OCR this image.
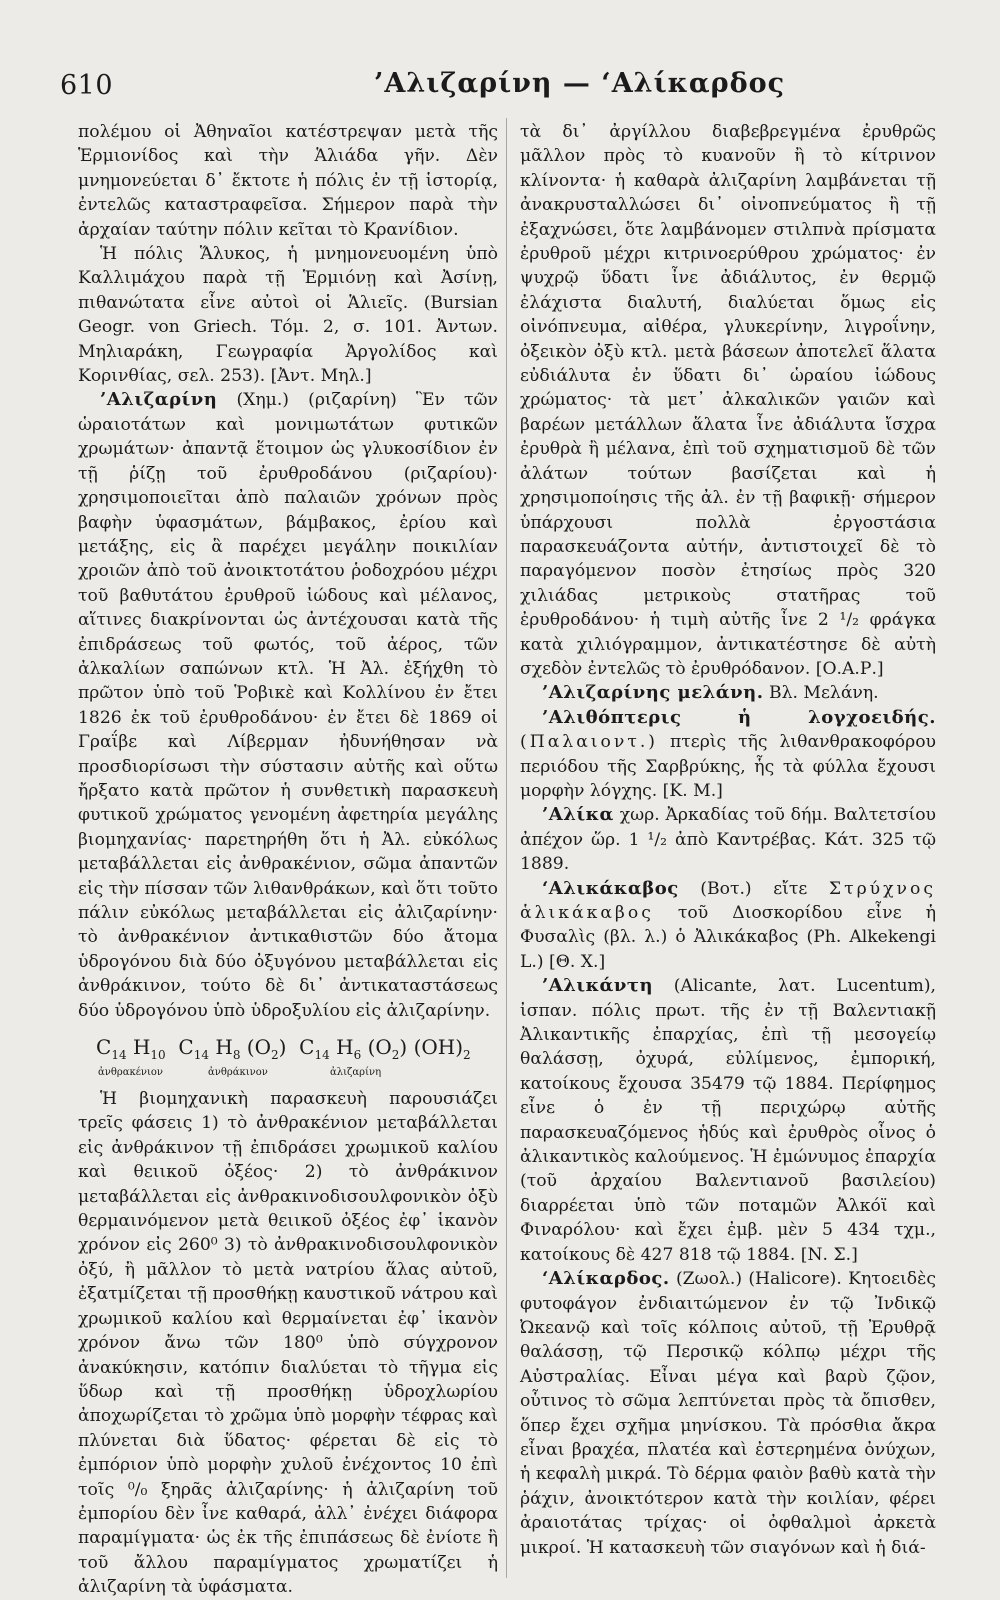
610	’Αλιζαρίνη — ‘Αλίκαρδος

πολέμου οἱ Ἀθηναῖοι κατέστρεψαν μετὰ τῆς Ἑρμιονίδος καὶ τὴν Ἁλιάδα γῆν. Δὲν μνημονεύεται δ᾽ ἔκτοτε ἡ πόλις ἐν τῇ ἱστορίᾳ, ἐντελῶς καταστραφεῖσα. Σήμερον παρὰ τὴν ἀρχαίαν ταύτην πόλιν κεῖται τὸ Κρανίδιον.

Ἡ πόλις Ἅλυκος, ἡ μνημονευομένη ὑπὸ Καλλιμάχου παρὰ τῇ Ἑρμιόνῃ καὶ Ἀσίνῃ, πιθανώτατα εἶνε αὐτοὶ οἱ Ἁλιεῖς. (Bursian Geogr. von Griech. Τόμ. 2, σ. 101. Ἀντων. Μηλιαράκη, Γεωγραφία Ἀργολίδος καὶ Κορινθίας, σελ. 253). [Ἀντ. Μηλ.]

’Αλιζαρίνη (Χημ.) (ριζαρίνη) Ἓν τῶν ὡραιοτάτων καὶ μονιμωτάτων φυτικῶν χρωμάτων· ἀπαντᾷ ἕτοιμον ὡς γλυκοσίδιον ἐν τῇ ῥίζῃ τοῦ ἐρυθροδάνου (ριζαρίου)· χρησιμοποιεῖται ἀπὸ παλαιῶν χρόνων πρὸς βαφὴν ὑφασμάτων, βάμβακος, ἐρίου καὶ μετάξης, εἰς ἃ παρέχει μεγάλην ποικιλίαν χροιῶν ἀπὸ τοῦ ἀνοικτοτάτου ῥοδοχρόου μέχρι τοῦ βαθυτάτου ἐρυθροῦ ἰώδους καὶ μέλανος, αἵτινες διακρίνονται ὡς ἀντέχουσαι κατὰ τῆς ἐπιδράσεως τοῦ φωτός, τοῦ ἀέρος, τῶν ἀλκαλίων σαπώνων κτλ. Ἡ Ἀλ. ἐξήχθη τὸ πρῶτον ὑπὸ τοῦ Ῥοβικὲ καὶ Κολλίνου ἐν ἔτει 1826 ἐκ τοῦ ἐρυθροδάνου· ἐν ἔτει δὲ 1869 οἱ Γραΐβε καὶ Λίβερμαν ἠδυνήθησαν νὰ προσδιορίσωσι τὴν σύστασιν αὐτῆς καὶ οὕτω ἤρξατο κατὰ πρῶτον ἡ συνθετικὴ παρασκευὴ φυτικοῦ χρώματος γενομένη ἀφετηρία μεγάλης βιομηχανίας· παρετηρήθη ὅτι ἡ Ἀλ. εὐκόλως μεταβάλλεται εἰς ἀνθρακένιον, σῶμα ἀπαντῶν εἰς τὴν πίσσαν τῶν λιθανθράκων, καὶ ὅτι τοῦτο πάλιν εὐκόλως μεταβάλλεται εἰς ἀλιζαρίνην· τὸ ἀνθρακένιον ἀντικαθιστῶν δύο ἄτομα ὑδρογόνου διὰ δύο ὀξυγόνου μεταβάλλεται εἰς ἀνθράκινον, τούτο δὲ δι᾽ ἀντικαταστάσεως δύο ὑδρογόνου ὑπὸ ὑδροξυλίου εἰς ἀλιζαρίνην.

$C_{14}$ $H_{10}$  $C_{14}$ $H_8$ $(O_2)$  $C_{14}$ $H_6$ $(O_2)$ $(OH)_2$
ἀνθρακένιον	ἀνθράκινον	ἀλιζαρίνη

Ἡ βιομηχανικὴ παρασκευὴ παρουσιάζει τρεῖς φάσεις 1) τὸ ἀνθρακένιον μεταβάλλεται εἰς ἀνθράκινον τῇ ἐπιδράσει χρωμικοῦ καλίου καὶ θειικοῦ ὀξέος· 2) τὸ ἀνθράκινον μεταβάλλεται εἰς ἀνθρακινοδισουλφονικὸν ὀξὺ θερμαινόμενον μετὰ θειικοῦ ὀξέος ἐφ᾽ ἱκανὸν χρόνον εἰς 260⁰ 3) τὸ ἀνθρακινοδισουλφονικὸν ὀξύ, ἢ μᾶλλον τὸ μετὰ νατρίου ἅλας αὐτοῦ, ἐξατμίζεται τῇ προσθήκῃ καυστικοῦ νάτρου καὶ χρωμικοῦ καλίου καὶ θερμαίνεται ἐφ᾽ ἱκανὸν χρόνον ἄνω τῶν 180⁰ ὑπὸ σύγχρονον ἀνακύκησιν, κατόπιν διαλύεται τὸ τῆγμα εἰς ὕδωρ καὶ τῇ προσθήκῃ ὑδροχλωρίου ἀποχωρίζεται τὸ χρῶμα ὑπὸ μορφὴν τέφρας καὶ πλύνεται διὰ ὕδατος· φέρεται δὲ εἰς τὸ ἐμπόριον ὑπὸ μορφὴν χυλοῦ ἐνέχοντος 10 ἐπὶ τοῖς ⁰/₀ ξηρᾶς ἀλιζαρίνης· ἡ ἀλιζαρίνη τοῦ ἐμπορίου δὲν ἶνε καθαρά, ἀλλ᾽ ἐνέχει διάφορα παραμίγματα· ὡς ἐκ τῆς ἐπιπάσεως δὲ ἐνίοτε ἢ τοῦ ἄλλου παραμίγματος χρωματίζει ἡ ἀλιζαρίνη τὰ ὑφάσματα.

τὰ δι᾽ ἀργίλλου διαβεβρεγμένα ἐρυθρῶς μᾶλλον πρὸς τὸ κυανοῦν ἢ τὸ κίτρινον κλίνοντα· ἡ καθαρὰ ἀλιζαρίνη λαμβάνεται τῇ ἀνακρυσταλλώσει δι᾽ οἰνοπνεύματος ἢ τῇ ἐξαχνώσει, ὅτε λαμβάνομεν στιλπνὰ πρίσματα ἐρυθροῦ μέχρι κιτρινοερύθρου χρώματος· ἐν ψυχρῷ ὕδατι ἶνε ἀδιάλυτος, ἐν θερμῷ ἐλάχιστα διαλυτή, διαλύεται ὅμως εἰς οἰνόπνευμα, αἰθέρα, γλυκερίνην, λιγροΐνην, ὀξεικὸν ὀξὺ κτλ. μετὰ βάσεων ἀποτελεῖ ἅλατα εὐδιάλυτα ἐν ὕδατι δι᾽ ὡραίου ἰώδους χρώματος· τὰ μετ᾽ ἀλκαλικῶν γαιῶν καὶ βαρέων μετάλλων ἅλατα ἶνε ἀδιάλυτα ἴσχρα ἐρυθρὰ ἢ μέλανα, ἐπὶ τοῦ σχηματισμοῦ δὲ τῶν ἀλάτων τούτων βασίζεται καὶ ἡ χρησιμοποίησις τῆς ἀλ. ἐν τῇ βαφικῇ· σήμερον ὑπάρχουσι πολλὰ ἐργοστάσια παρασκευάζοντα αὐτήν, ἀντιστοιχεῖ δὲ τὸ παραγόμενον ποσὸν ἐτησίως πρὸς 320 χιλιάδας μετρικοὺς στατῆρας τοῦ ἐρυθροδάνου· ἡ τιμὴ αὐτῆς ἶνε 2 ¹/₂ φράγκα κατὰ χιλιόγραμμον, ἀντικατέστησε δὲ αὐτὴ σχεδὸν ἐντελῶς τὸ ἐρυθρόδανον. [Ο.Α.Ρ.]

’Αλιζαρίνης μελάνη. Βλ. Μελάνη.

’Αλιθόπτερις ἡ λογχοειδής. (Παλαιοντ.) πτερὶς τῆς λιθανθρακοφόρου περιόδου τῆς Σαρβρύκης, ἧς τὰ φύλλα ἔχουσι μορφὴν λόγχης. [Κ. Μ.]

’Αλίκα χωρ. Ἀρκαδίας τοῦ δήμ. Βαλτετσίου ἀπέχον ὥρ. 1 ¹/₂ ἀπὸ Καντρέβας. Κάτ. 325 τῷ 1889.

‘Αλικάκαβος (Βοτ.) εἴτε Στρύχνος ἁλικάκαβος τοῦ Διοσκορίδου εἶνε ἡ Φυσαλὶς (βλ. λ.) ὁ Ἀλικάκαβος (Ph. Alkekengi L.) [Θ. Χ.]

’Αλικάντη (Alicante, λατ. Lucentum), ἰσπαν. πόλις πρωτ. τῆς ἐν τῇ Βαλεντιακῇ Ἀλικαντικῆς ἐπαρχίας, ἐπὶ τῇ μεσογείῳ θαλάσσῃ, ὀχυρά, εὐλίμενος, ἐμπορική, κατοίκους ἔχουσα 35479 τῷ 1884. Περίφημος εἶνε ὁ ἐν τῇ περιχώρῳ αὐτῆς παρασκευαζόμενος ἡδύς καὶ ἐρυθρὸς οἶνος ὁ ἀλικαντικὸς καλούμενος. Ἡ ἐμώνυμος ἐπαρχία (τοῦ ἀρχαίου Βαλεντιανοῦ βασιλείου) διαρρέεται ὑπὸ τῶν ποταμῶν Ἀλκόϊ καὶ Φιναρόλου· καὶ ἔχει ἐμβ. μὲν 5 434 τχμ., κατοίκους δὲ 427 818 τῷ 1884. [Ν. Σ.]

‘Αλίκαρδος. (Ζωολ.) (Halicore). Κητοειδὲς φυτοφάγον ἐνδιαιτώμενον ἐν τῷ Ἰνδικῷ Ὠκεανῷ καὶ τοῖς κόλποις αὐτοῦ, τῇ Ἐρυθρᾷ θαλάσσῃ, τῷ Περσικῷ κόλπῳ μέχρι τῆς Αὐστραλίας. Εἶναι μέγα καὶ βαρὺ ζῷον, οὗτινος τὸ σῶμα λεπτύνεται πρὸς τὰ ὄπισθεν, ὅπερ ἔχει σχῆμα μηνίσκου. Τὰ πρόσθια ἄκρα εἶναι βραχέα, πλατέα καὶ ἐστερημένα ὀνύχων, ἡ κεφαλὴ μικρά. Τὸ δέρμα φαιὸν βαθὺ κατὰ τὴν ῥάχιν, ἀνοικτότερον κατὰ τὴν κοιλίαν, φέρει ἀραιοτάτας τρίχας· οἱ ὀφθαλμοὶ ἀρκετὰ μικροί. Ἡ κατασκευὴ τῶν σιαγόνων καὶ ἡ διά-
